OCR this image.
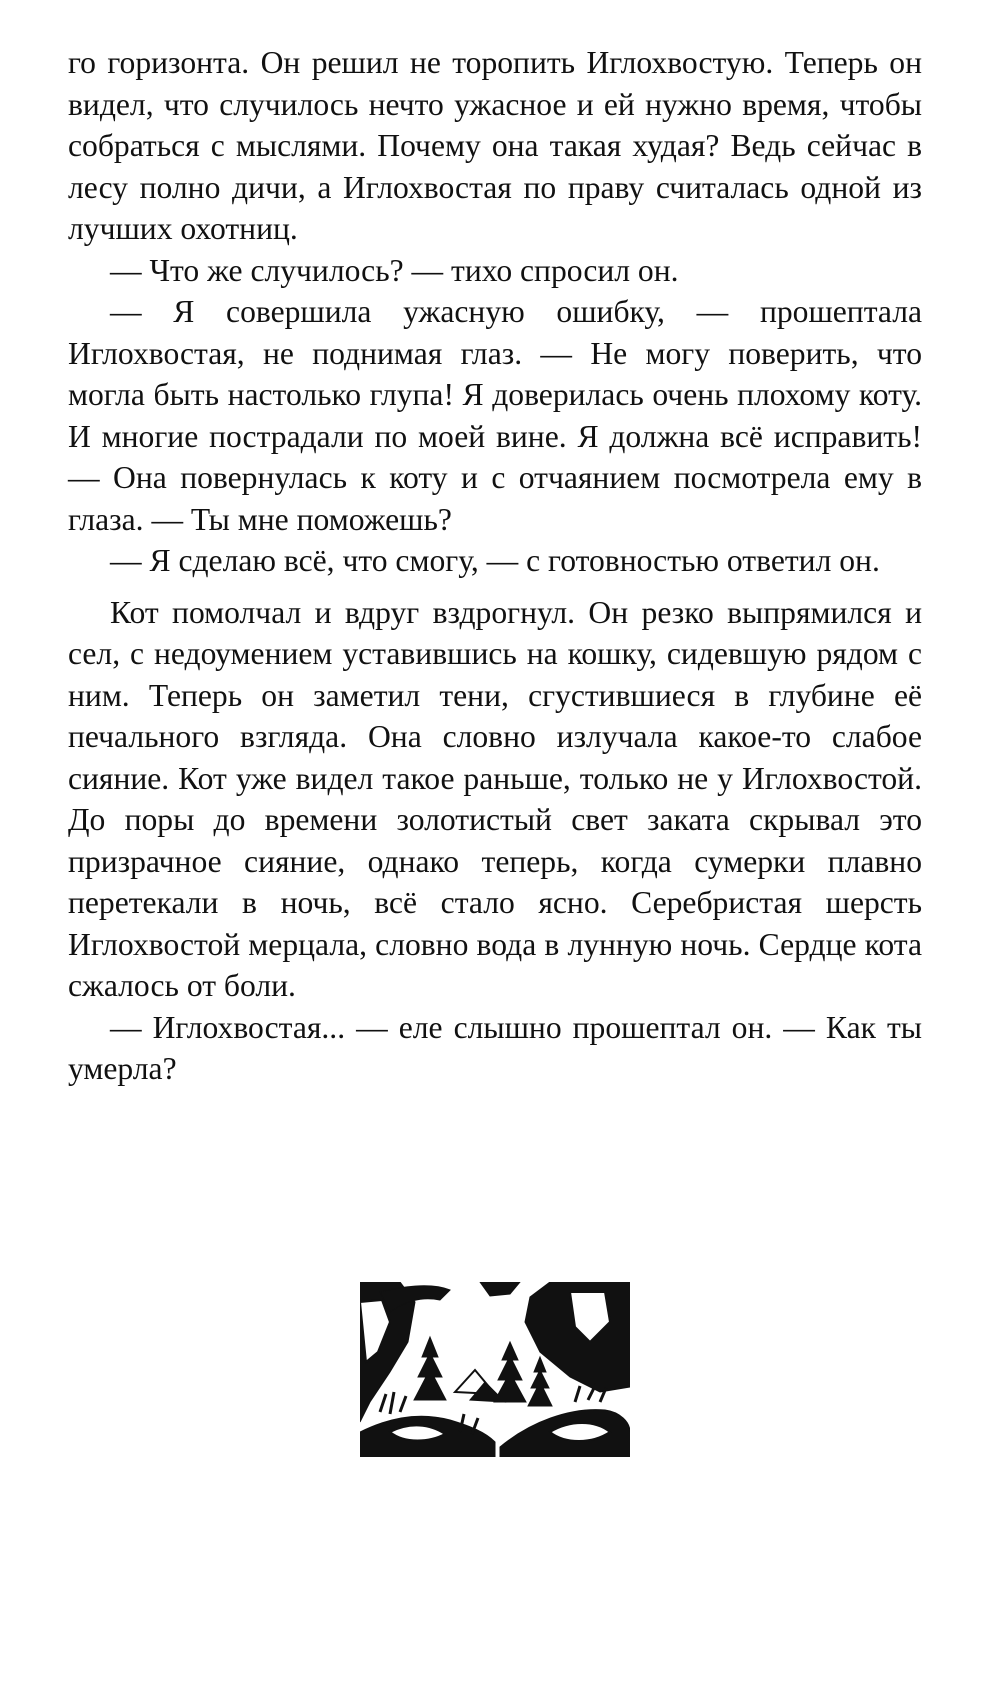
го горизонта. Он решил не торопить Иглохвостую. Теперь он видел, что случилось нечто ужасное и ей нужно время, чтобы собраться с мыслями. Почему она такая худая? Ведь сейчас в лесу полно дичи, а Иглохвостая по праву считалась одной из лучших охотниц.

— Что же случилось? — тихо спросил он.

— Я совершила ужасную ошибку, — прошептала Иглохвостая, не поднимая глаз. — Не могу поверить, что могла быть настолько глупа! Я доверилась очень плохому коту. И многие пострадали по моей вине. Я должна всё исправить! — Она повернулась к коту и с отчаянием посмотрела ему в глаза. — Ты мне поможешь?

— Я сделаю всё, что смогу, — с готовностью ответил он.

Кот помолчал и вдруг вздрогнул. Он резко выпрямился и сел, с недоумением уставившись на кошку, сидевшую рядом с ним. Теперь он заметил тени, сгустившиеся в глубине её печального взгляда. Она словно излучала какое-то слабое сияние. Кот уже видел такое раньше, только не у Иглохвостой. До поры до времени золотистый свет заката скрывал это призрачное сияние, однако теперь, когда сумерки плавно перетекали в ночь, всё стало ясно. Серебристая шерсть Иглохвостой мерцала, словно вода в лунную ночь. Сердце кота сжалось от боли.

— Иглохвостая... — еле слышно прошептал он. — Как ты умерла?
